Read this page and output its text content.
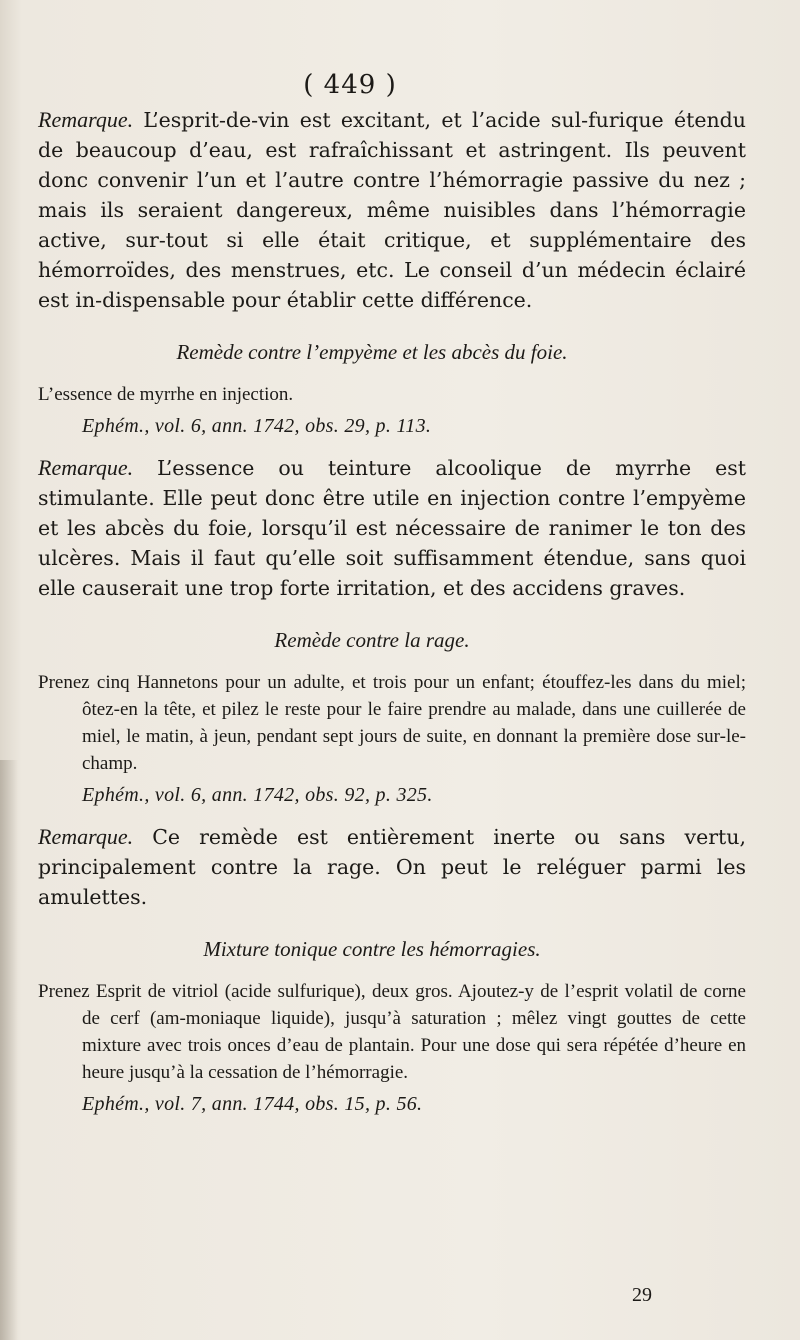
( 449 )

Remarque. L’esprit-de-vin est excitant, et l’acide sul-furique étendu de beaucoup d’eau, est rafraîchissant et astringent. Ils peuvent donc convenir l’un et l’autre contre l’hémorragie passive du nez ; mais ils seraient dangereux, même nuisibles dans l’hémorragie active, sur-tout si elle était critique, et supplémentaire des hémorroïdes, des menstrues, etc. Le conseil d’un médecin éclairé est in-dispensable pour établir cette différence.

Remède contre l’empyème et les abcès du foie.

L’essence de myrrhe en injection.

Ephém., vol. 6, ann. 1742, obs. 29, p. 113.

Remarque. L’essence ou teinture alcoolique de myrrhe est stimulante. Elle peut donc être utile en injection contre l’empyème et les abcès du foie, lorsqu’il est nécessaire de ranimer le ton des ulcères. Mais il faut qu’elle soit suffisamment étendue, sans quoi elle causerait une trop forte irritation, et des accidens graves.

Remède contre la rage.

Prenez cinq Hannetons pour un adulte, et trois pour un enfant; étouffez-les dans du miel; ôtez-en la tête, et pilez le reste pour le faire prendre au malade, dans une cuillerée de miel, le matin, à jeun, pendant sept jours de suite, en donnant la première dose sur-le-champ.

Ephém., vol. 6, ann. 1742, obs. 92, p. 325.

Remarque. Ce remède est entièrement inerte ou sans vertu, principalement contre la rage. On peut le reléguer parmi les amulettes.

Mixture tonique contre les hémorragies.

Prenez Esprit de vitriol (acide sulfurique), deux gros. Ajoutez-y de l’esprit volatil de corne de cerf (am-moniaque liquide), jusqu’à saturation ; mêlez vingt gouttes de cette mixture avec trois onces d’eau de plantain. Pour une dose qui sera répétée d’heure en heure jusqu’à la cessation de l’hémorragie.

Ephém., vol. 7, ann. 1744, obs. 15, p. 56.

29
